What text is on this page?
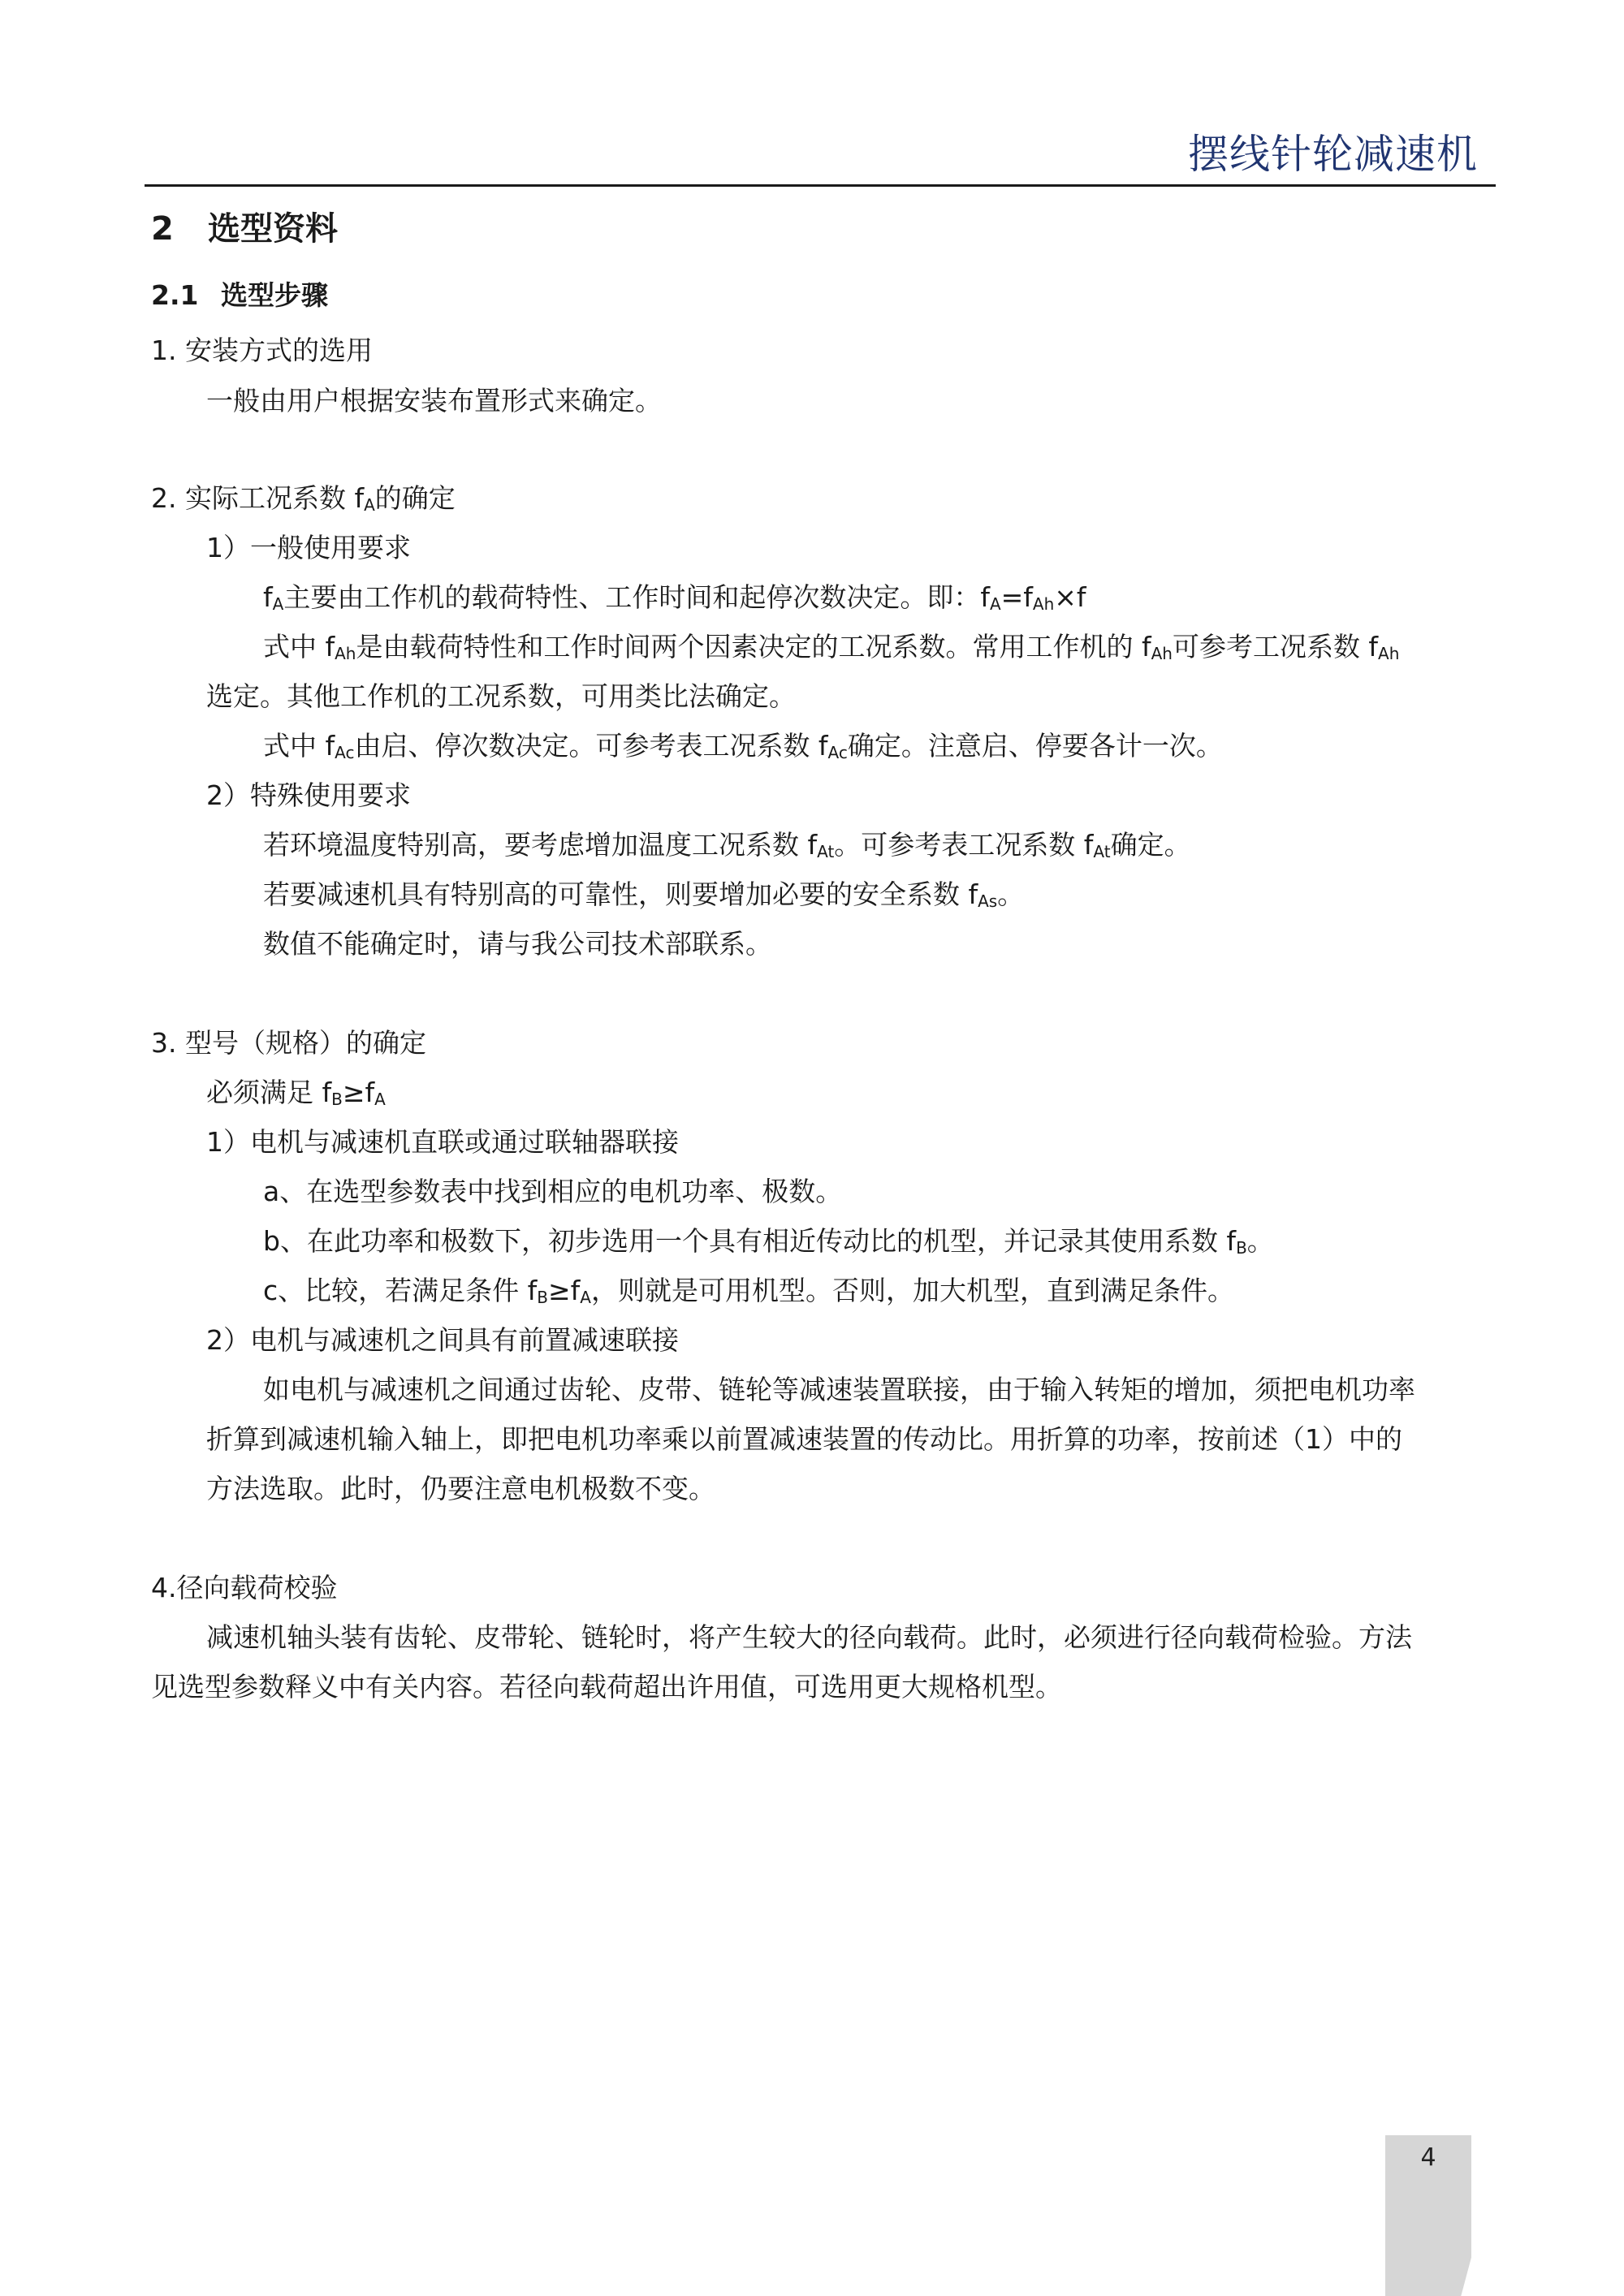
摆线针轮减速机
2 选型资料
2.1 选型步骤
1. 安装方式的选用
一般由用户根据安装布置形式来确定。
2. 实际工况系数 $f_A$的确定
1）一般使用要求
$f_A$主要由工作机的载荷特性、工作时间和起停次数决定。即：$f_A=f_{Ah}\times f$
式中 $f_{Ah}$是由载荷特性和工作时间两个因素决定的工况系数。常用工作机的 $f_{Ah}$可参考工况系数 $f_{Ah}$
选定。其他工作机的工况系数，可用类比法确定。
式中 $f_{Ac}$由启、停次数决定。可参考表工况系数 $f_{Ac}$确定。注意启、停要各计一次。
2）特殊使用要求
若环境温度特别高，要考虑增加温度工况系数 $f_{At}$。可参考表工况系数 $f_{At}$确定。
若要减速机具有特别高的可靠性，则要增加必要的安全系数 $f_{As}$。
数值不能确定时，请与我公司技术部联系。
3. 型号（规格）的确定
必须满足 $f_B\ge f_A$
1）电机与减速机直联或通过联轴器联接
a、在选型参数表中找到相应的电机功率、极数。
b、在此功率和极数下，初步选用一个具有相近传动比的机型，并记录其使用系数 $f_B$。
c、比较，若满足条件 $f_B\ge f_A$，则就是可用机型。否则，加大机型，直到满足条件。
2）电机与减速机之间具有前置减速联接
如电机与减速机之间通过齿轮、皮带、链轮等减速装置联接，由于输入转矩的增加，须把电机功率
折算到减速机输入轴上，即把电机功率乘以前置减速装置的传动比。用折算的功率，按前述（1）中的
方法选取。此时，仍要注意电机极数不变。
4.径向载荷校验
减速机轴头装有齿轮、皮带轮、链轮时，将产生较大的径向载荷。此时，必须进行径向载荷检验。方法
见选型参数释义中有关内容。若径向载荷超出许用值，可选用更大规格机型。
4
